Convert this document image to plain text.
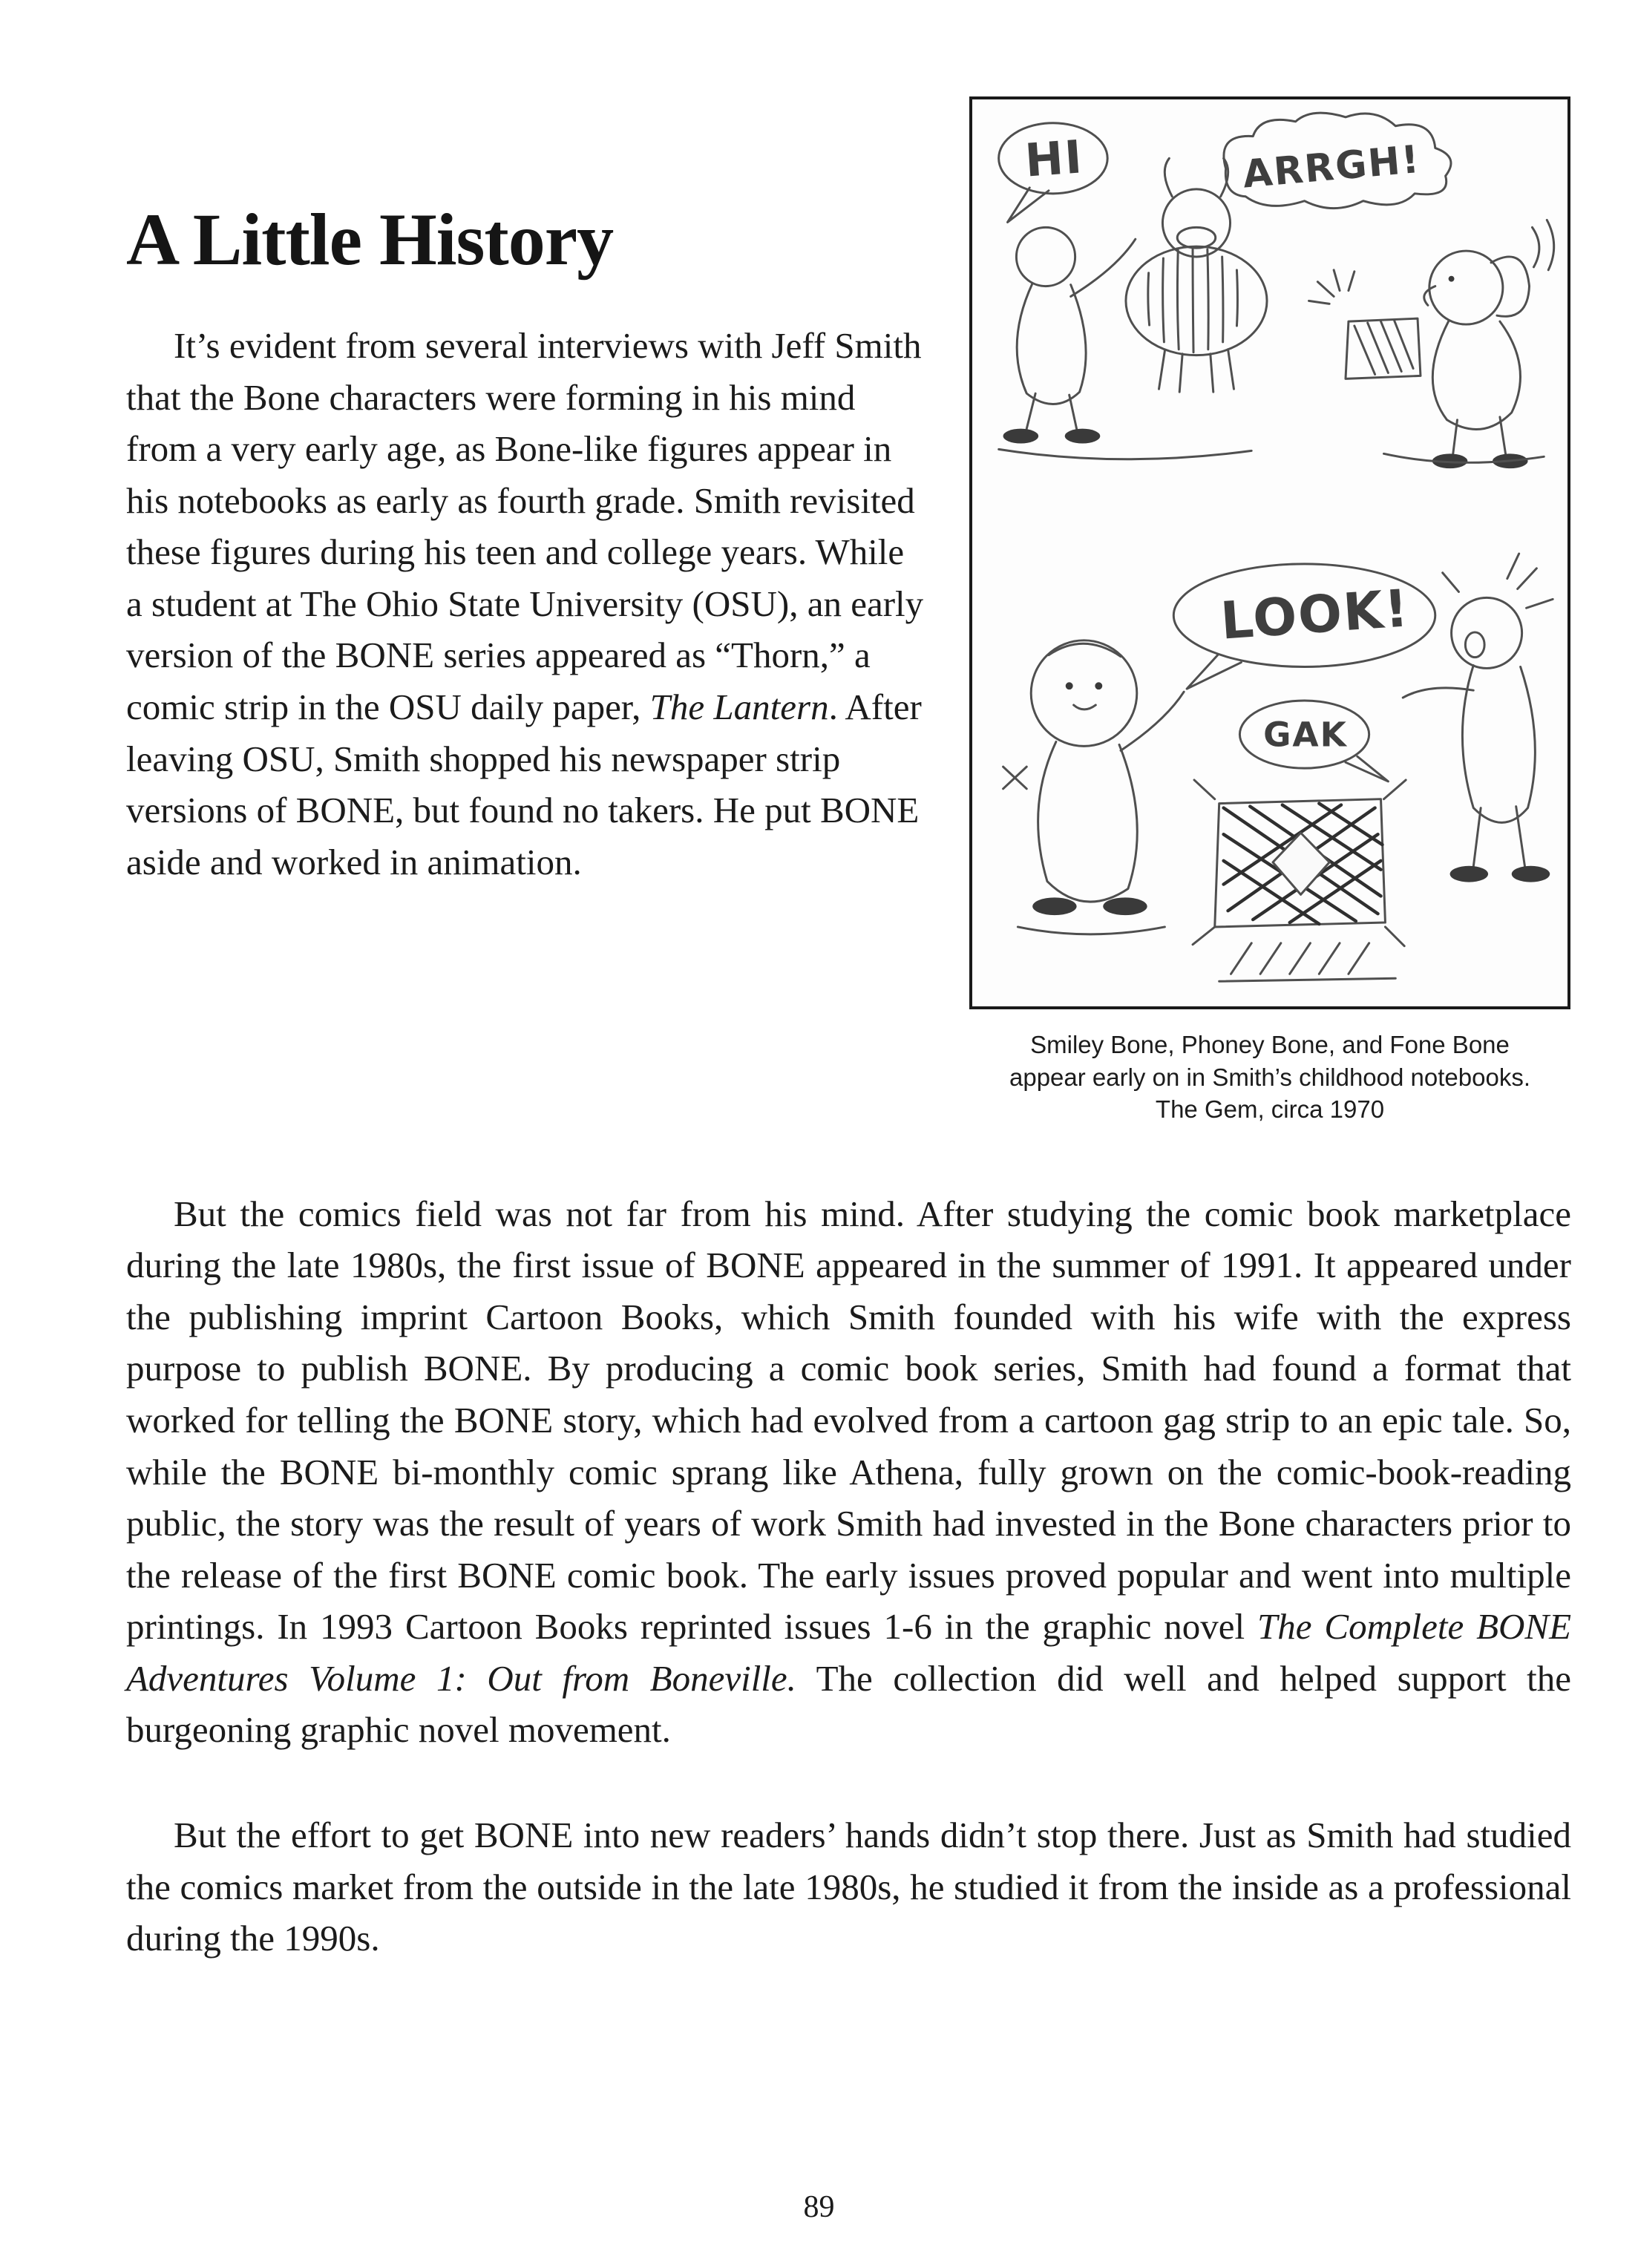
A Little History

It’s evident from several interviews with Jeff Smith that the Bone characters were forming in his mind from a very early age, as Bone-like figures appear in his notebooks as early as fourth grade. Smith revisited these figures during his teen and college years. While a student at The Ohio State University (OSU), an early version of the BONE series appeared as “Thorn,” a comic strip in the OSU daily paper, The Lantern. After leaving OSU, Smith shopped his newspaper strip versions of BONE, but found no takers. He put BONE aside and worked in animation.

HI	ARRGH!
LOOK!
GAK
Smiley Bone, Phoney Bone, and Fone Bone appear early on in Smith’s childhood notebooks. The Gem, circa 1970

But the comics field was not far from his mind. After studying the comic book marketplace during the late 1980s, the first issue of BONE appeared in the summer of 1991. It appeared under the publishing imprint Cartoon Books, which Smith founded with his wife with the express purpose to publish BONE. By producing a comic book series, Smith had found a format that worked for telling the BONE story, which had evolved from a cartoon gag strip to an epic tale. So, while the BONE bi-monthly comic sprang like Athena, fully grown on the comic-book-reading public, the story was the result of years of work Smith had invested in the Bone characters prior to the release of the first BONE comic book. The early issues proved popular and went into multiple printings. In 1993 Cartoon Books reprinted issues 1-6 in the graphic novel The Complete BONE Adventures Volume 1: Out from Boneville. The collection did well and helped support the burgeoning graphic novel movement.

But the effort to get BONE into new readers’ hands didn’t stop there. Just as Smith had studied the comics market from the outside in the late 1980s, he studied it from the inside as a professional during the 1990s.

89
